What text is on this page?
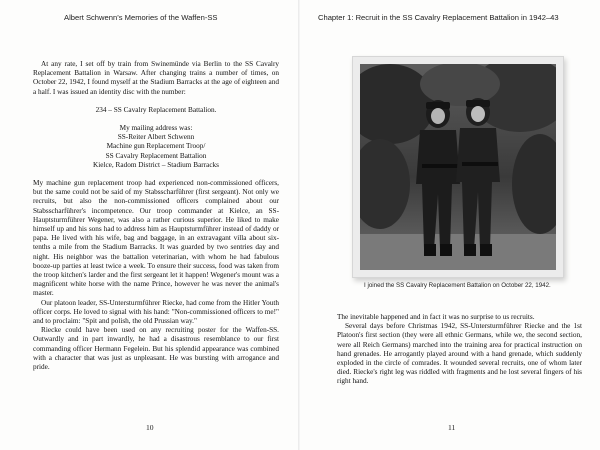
Albert Schwenn’s Memories of the Waffen-SS

At any rate, I set off by train from Swinemünde via Berlin to the SS Cavalry Replacement Battalion in Warsaw. After changing trains a number of times, on October 22, 1942, I found myself at the Stadium Barracks at the age of eighteen and a half. I was issued an identity disc with the number:

234 – SS Cavalry Replacement Battalion.

My mailing address was:

SS-Reiter Albert Schwenn

Machine gun Replacement Troop/

SS Cavalry Replacement Battalion

Kielce, Radom District – Stadium Barracks

My machine gun replacement troop had experienced non-commissioned officers, but the same could not be said of my Stabsscharführer (first sergeant). Not only we recruits, but also the non-commissioned officers complained about our Stabsscharführer's incompetence. Our troop commander at Kielce, an SS-Hauptsturmführer Wegener, was also a rather curious superior. He liked to make himself up and his sons had to address him as Hauptsturmführer instead of daddy or papa. He lived with his wife, bag and baggage, in an extravagant villa about six-tenths a mile from the Stadium Barracks. It was guarded by two sentries day and night. His neighbor was the battalion veterinarian, with whom he had fabulous booze-up parties at least twice a week. To ensure their success, food was taken from the troop kitchen's larder and the first sergeant let it happen! Wegener's mount was a magnificent white horse with the name Prince, however he was never the animal's master.

Our platoon leader, SS-Untersturmführer Riecke, had come from the Hitler Youth officer corps. He loved to signal with his hand: "Non-commissioned officers to me!" and to proclaim: "Spit and polish, the old Prussian way."

Riecke could have been used on any recruiting poster for the Waffen-SS. Outwardly and in part inwardly, he had a disastrous resemblance to our first commanding officer Hermann Fegelein. But his splendid appearance was combined with a character that was just as unpleasant. He was bursting with arrogance and pride.

10
Chapter 1: Recruit in the SS Cavalry Replacement Battalion in 1942–43
I joined the SS Cavalry Replacement Battalion on October 22, 1942.

The inevitable happened and in fact it was no surprise to us recruits.

Several days before Christmas 1942, SS-Untersturmführer Riecke and the 1st Platoon's first section (they were all ethnic Germans, while we, the second section, were all Reich Germans) marched into the training area for practical instruction on hand grenades. He arrogantly played around with a hand grenade, which suddenly exploded in the circle of comrades. It wounded several recruits, one of whom later died. Riecke's right leg was riddled with fragments and he lost several fingers of his right hand.

11
